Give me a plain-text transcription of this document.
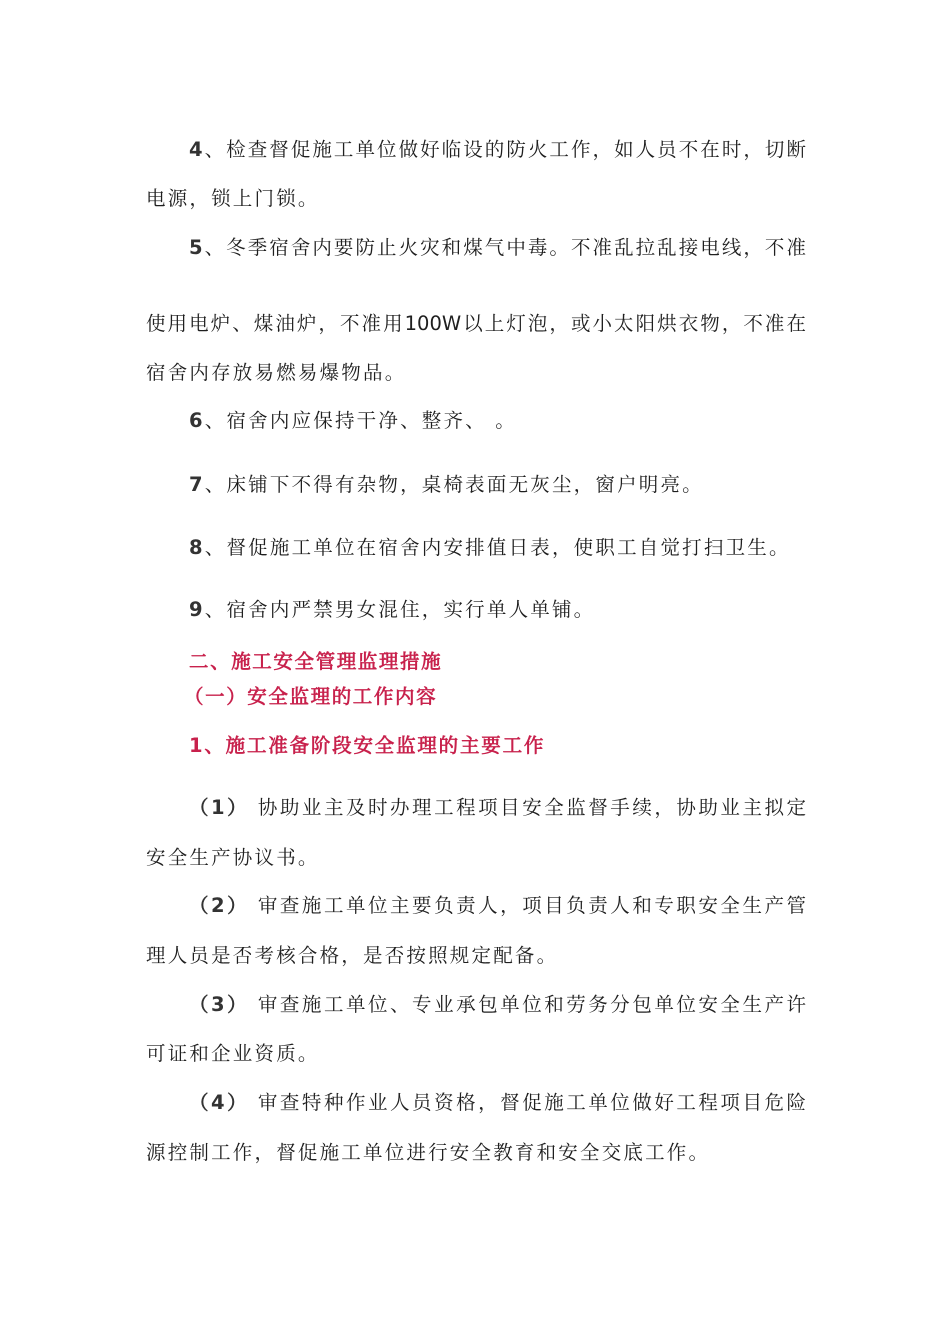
4、检查督促施工单位做好临设的防火工作，如人员不在时，切断
电源，锁上门锁。
5、冬季宿舍内要防止火灾和煤气中毒。不准乱拉乱接电线，不准
使用电炉、煤油炉，不准用100W以上灯泡，或小太阳烘衣物，不准在
宿舍内存放易燃易爆物品。
6、宿舍内应保持干净、整齐、 。
7、床铺下不得有杂物，桌椅表面无灰尘，窗户明亮。
8、督促施工单位在宿舍内安排值日表，使职工自觉打扫卫生。
9、宿舍内严禁男女混住，实行单人单铺。
二、施工安全管理监理措施
（一）安全监理的工作内容
1、施工准备阶段安全监理的主要工作
（1） 协助业主及时办理工程项目安全监督手续，协助业主拟定
安全生产协议书。
（2） 审查施工单位主要负责人，项目负责人和专职安全生产管
理人员是否考核合格，是否按照规定配备。
（3） 审查施工单位、专业承包单位和劳务分包单位安全生产许
可证和企业资质。
（4） 审查特种作业人员资格，督促施工单位做好工程项目危险
源控制工作，督促施工单位进行安全教育和安全交底工作。
